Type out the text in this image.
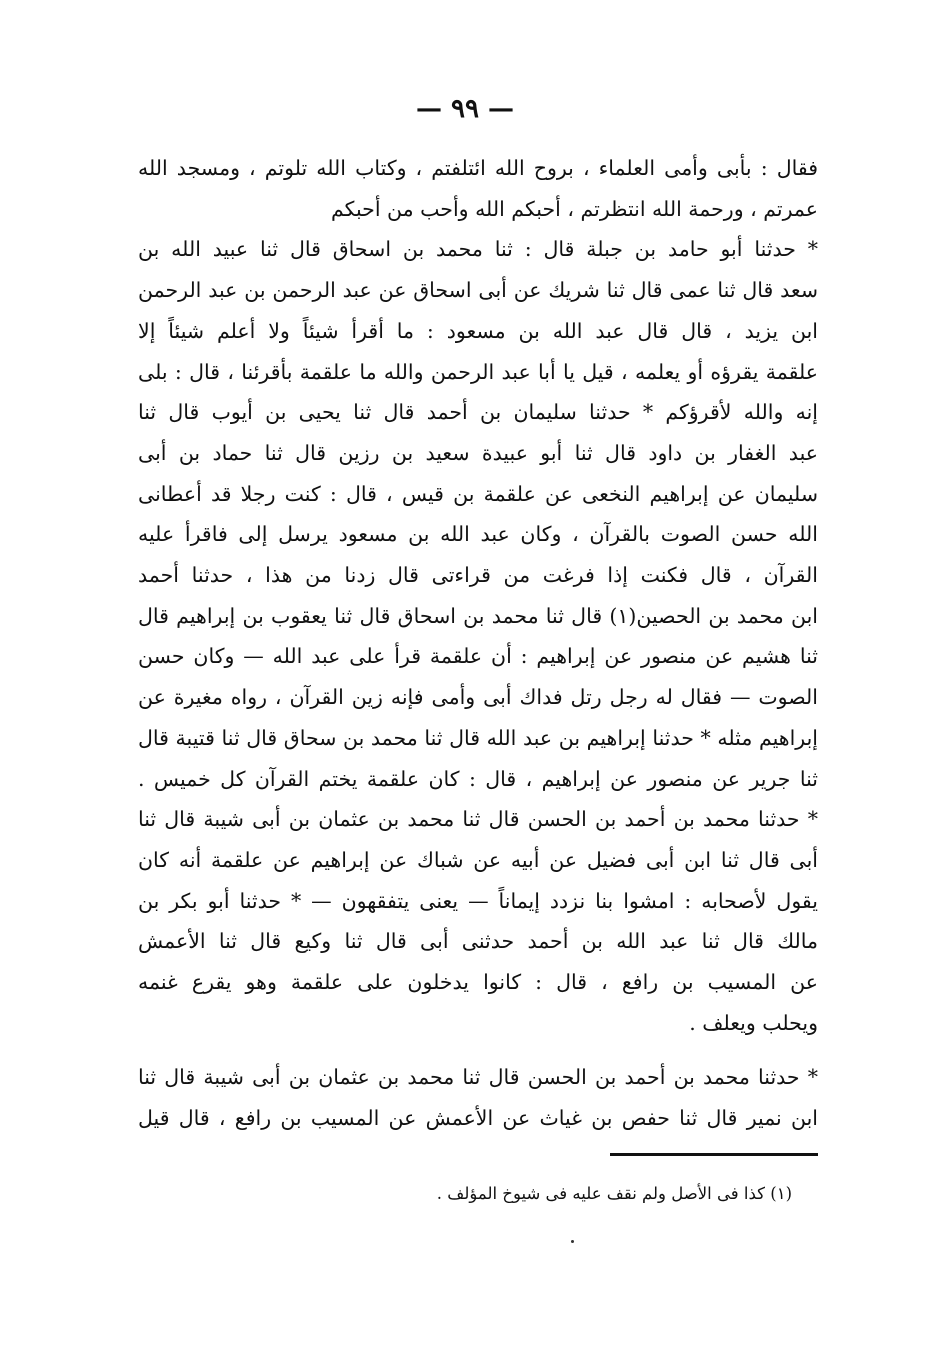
— ٩٩ —
فقال : بأبى وأمى العلماء ، بروح الله ائتلفتم ، وكتاب الله تلوتم ، ومسجد الله
عمرتم ، ورحمة الله انتظرتم ، أحبكم الله وأحب من أحبكم
* حدثنا أبو حامد بن جبلة قال : ثنا محمد بن اسحاق قال ثنا عبيد الله بن
سعد قال ثنا عمى قال ثنا شريك عن أبى اسحاق عن عبد الرحمن بن عبد الرحمن
ابن يزيد ، قال قال عبد الله بن مسعود : ما أقرأ شيئاً ولا أعلم شيئاً إلا
علقمة يقرؤه أو يعلمه ، قيل يا أبا عبد الرحمن والله ما علقمة بأقرئنا ، قال : بلى
إنه والله لأقرؤكم * حدثنا سليمان بن أحمد قال ثنا يحيى بن أيوب قال ثنا
عبد الغفار بن داود قال ثنا أبو عبيدة سعيد بن رزين قال ثنا حماد بن أبى
سليمان عن إبراهيم النخعى عن علقمة بن قيس ، قال : كنت رجلا قد أعطانى
الله حسن الصوت بالقرآن ، وكان عبد الله بن مسعود يرسل إلى فاقرأ عليه
القرآن ، قال فكنت إذا فرغت من قراءتى قال زدنا من هذا ، حدثنا أحمد
ابن محمد بن الحصين(١) قال ثنا محمد بن اسحاق قال ثنا يعقوب بن إبراهيم قال
ثنا هشيم عن منصور عن إبراهيم : أن علقمة قرأ على عبد الله — وكان حسن
الصوت — فقال له رجل رتل فداك أبى وأمى فإنه زين القرآن ، رواه مغيرة عن
إبراهيم مثله * حدثنا إبراهيم بن عبد الله قال ثنا محمد بن سحاق قال ثنا قتيبة قال
ثنا جرير عن منصور عن إبراهيم ، قال : كان علقمة يختم القرآن كل خميس .
* حدثنا محمد بن أحمد بن الحسن قال ثنا محمد بن عثمان بن أبى شيبة قال ثنا
أبى قال ثنا ابن أبى فضيل عن أبيه عن شباك عن إبراهيم عن علقمة أنه كان
يقول لأصحابه : امشوا بنا نزدد إيماناً — يعنى يتفقهون — * حدثنا أبو بكر بن
مالك قال ثنا عبد الله بن أحمد حدثنى أبى قال ثنا وكيع قال ثنا الأعمش
عن المسيب بن رافع ، قال : كانوا يدخلون على علقمة وهو يقرع غنمه
ويحلب ويعلف .
* حدثنا محمد بن أحمد بن الحسن قال ثنا محمد بن عثمان بن أبى شيبة قال ثنا
ابن نمير قال ثنا حفص بن غياث عن الأعمش عن المسيب بن رافع ، قال قيل
(١) كذا فى الأصل ولم نقف عليه فى شيوخ المؤلف .
